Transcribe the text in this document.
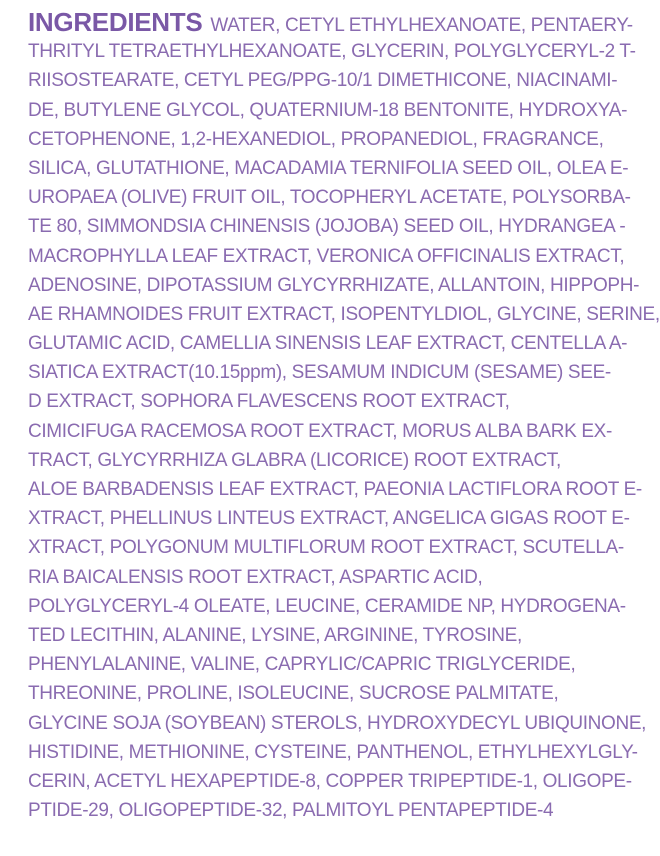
INGREDIENTS WATER, CETYL ETHYLHEXANOATE, PENTAERY-
THRITYL TETRAETHYLHEXANOATE, GLYCERIN, POLYGLYCERYL-2 T-
RIISOSTEARATE, CETYL PEG/PPG-10/1 DIMETHICONE, NIACINAMI-
DE, BUTYLENE GLYCOL, QUATERNIUM-18 BENTONITE, HYDROXYA-
CETOPHENONE, 1,2-HEXANEDIOL, PROPANEDIOL, FRAGRANCE,
SILICA, GLUTATHIONE, MACADAMIA TERNIFOLIA SEED OIL, OLEA E-
UROPAEA (OLIVE) FRUIT OIL, TOCOPHERYL ACETATE, POLYSORBA-
TE 80, SIMMONDSIA CHINENSIS (JOJOBA) SEED OIL, HYDRANGEA -
MACROPHYLLA LEAF EXTRACT, VERONICA OFFICINALIS EXTRACT,
ADENOSINE, DIPOTASSIUM GLYCYRRHIZATE, ALLANTOIN, HIPPOPH-
AE RHAMNOIDES FRUIT EXTRACT, ISOPENTYLDIOL, GLYCINE, SERINE,
GLUTAMIC ACID, CAMELLIA SINENSIS LEAF EXTRACT, CENTELLA A-
SIATICA EXTRACT(10.15ppm), SESAMUM INDICUM (SESAME) SEE-
D EXTRACT, SOPHORA FLAVESCENS ROOT EXTRACT,
CIMICIFUGA RACEMOSA ROOT EXTRACT, MORUS ALBA BARK EX-
TRACT, GLYCYRRHIZA GLABRA (LICORICE) ROOT EXTRACT,
ALOE BARBADENSIS LEAF EXTRACT, PAEONIA LACTIFLORA ROOT E-
XTRACT, PHELLINUS LINTEUS EXTRACT, ANGELICA GIGAS ROOT E-
XTRACT, POLYGONUM MULTIFLORUM ROOT EXTRACT, SCUTELLA-
RIA BAICALENSIS ROOT EXTRACT, ASPARTIC ACID,
POLYGLYCERYL-4 OLEATE, LEUCINE, CERAMIDE NP, HYDROGENA-
TED LECITHIN, ALANINE, LYSINE, ARGININE, TYROSINE,
PHENYLALANINE, VALINE, CAPRYLIC/CAPRIC TRIGLYCERIDE,
THREONINE, PROLINE, ISOLEUCINE, SUCROSE PALMITATE,
GLYCINE SOJA (SOYBEAN) STEROLS, HYDROXYDECYL UBIQUINONE,
HISTIDINE, METHIONINE, CYSTEINE, PANTHENOL, ETHYLHEXYLGLY-
CERIN, ACETYL HEXAPEPTIDE-8, COPPER TRIPEPTIDE-1, OLIGOPE-
PTIDE-29, OLIGOPEPTIDE-32, PALMITOYL PENTAPEPTIDE-4
